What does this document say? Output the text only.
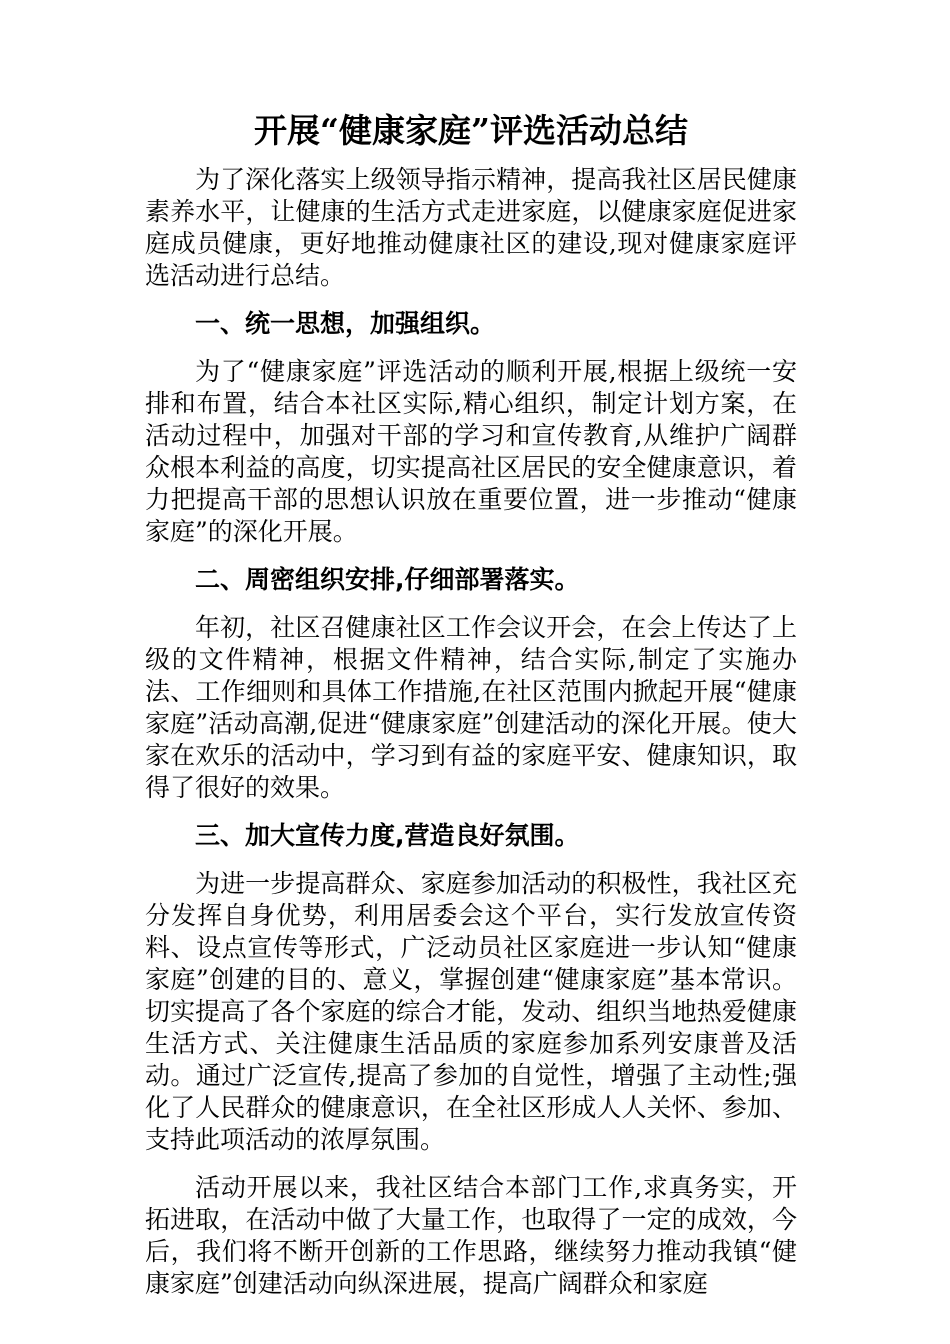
开展“健康家庭”评选活动总结

为了深化落实上级领导指示精神，提高我社区居民健康素养水平，让健康的生活方式走进家庭，以健康家庭促进家庭成员健康，更好地推动健康社区的建设,现对健康家庭评选活动进行总结。

一、统一思想，加强组织。

为了“健康家庭”评选活动的顺利开展,根据上级统一安排和布置，结合本社区实际,精心组织，制定计划方案，在活动过程中，加强对干部的学习和宣传教育,从维护广阔群众根本利益的高度，切实提高社区居民的安全健康意识，着力把提高干部的思想认识放在重要位置，进一步推动“健康家庭”的深化开展。

二、周密组织安排,仔细部署落实。

年初，社区召健康社区工作会议开会，在会上传达了上级的文件精神，根据文件精神，结合实际,制定了实施办法、工作细则和具体工作措施,在社区范围内掀起开展“健康家庭”活动高潮,促进“健康家庭”创建活动的深化开展。使大家在欢乐的活动中，学习到有益的家庭平安、健康知识，取得了很好的效果。

三、加大宣传力度,营造良好氛围。

为进一步提高群众、家庭参加活动的积极性，我社区充分发挥自身优势，利用居委会这个平台，实行发放宣传资料、设点宣传等形式，广泛动员社区家庭进一步认知“健康家庭”创建的目的、意义，掌握创建“健康家庭”基本常识。切实提高了各个家庭的综合才能，发动、组织当地热爱健康生活方式、关注健康生活品质的家庭参加系列安康普及活动。通过广泛宣传,提高了参加的自觉性，增强了主动性;强化了人民群众的健康意识，在全社区形成人人关怀、参加、支持此项活动的浓厚氛围。

活动开展以来，我社区结合本部门工作,求真务实，开拓进取，在活动中做了大量工作，也取得了一定的成效，今后，我们将不断开创新的工作思路，继续努力推动我镇“健康家庭”创建活动向纵深进展，提高广阔群众和家庭
